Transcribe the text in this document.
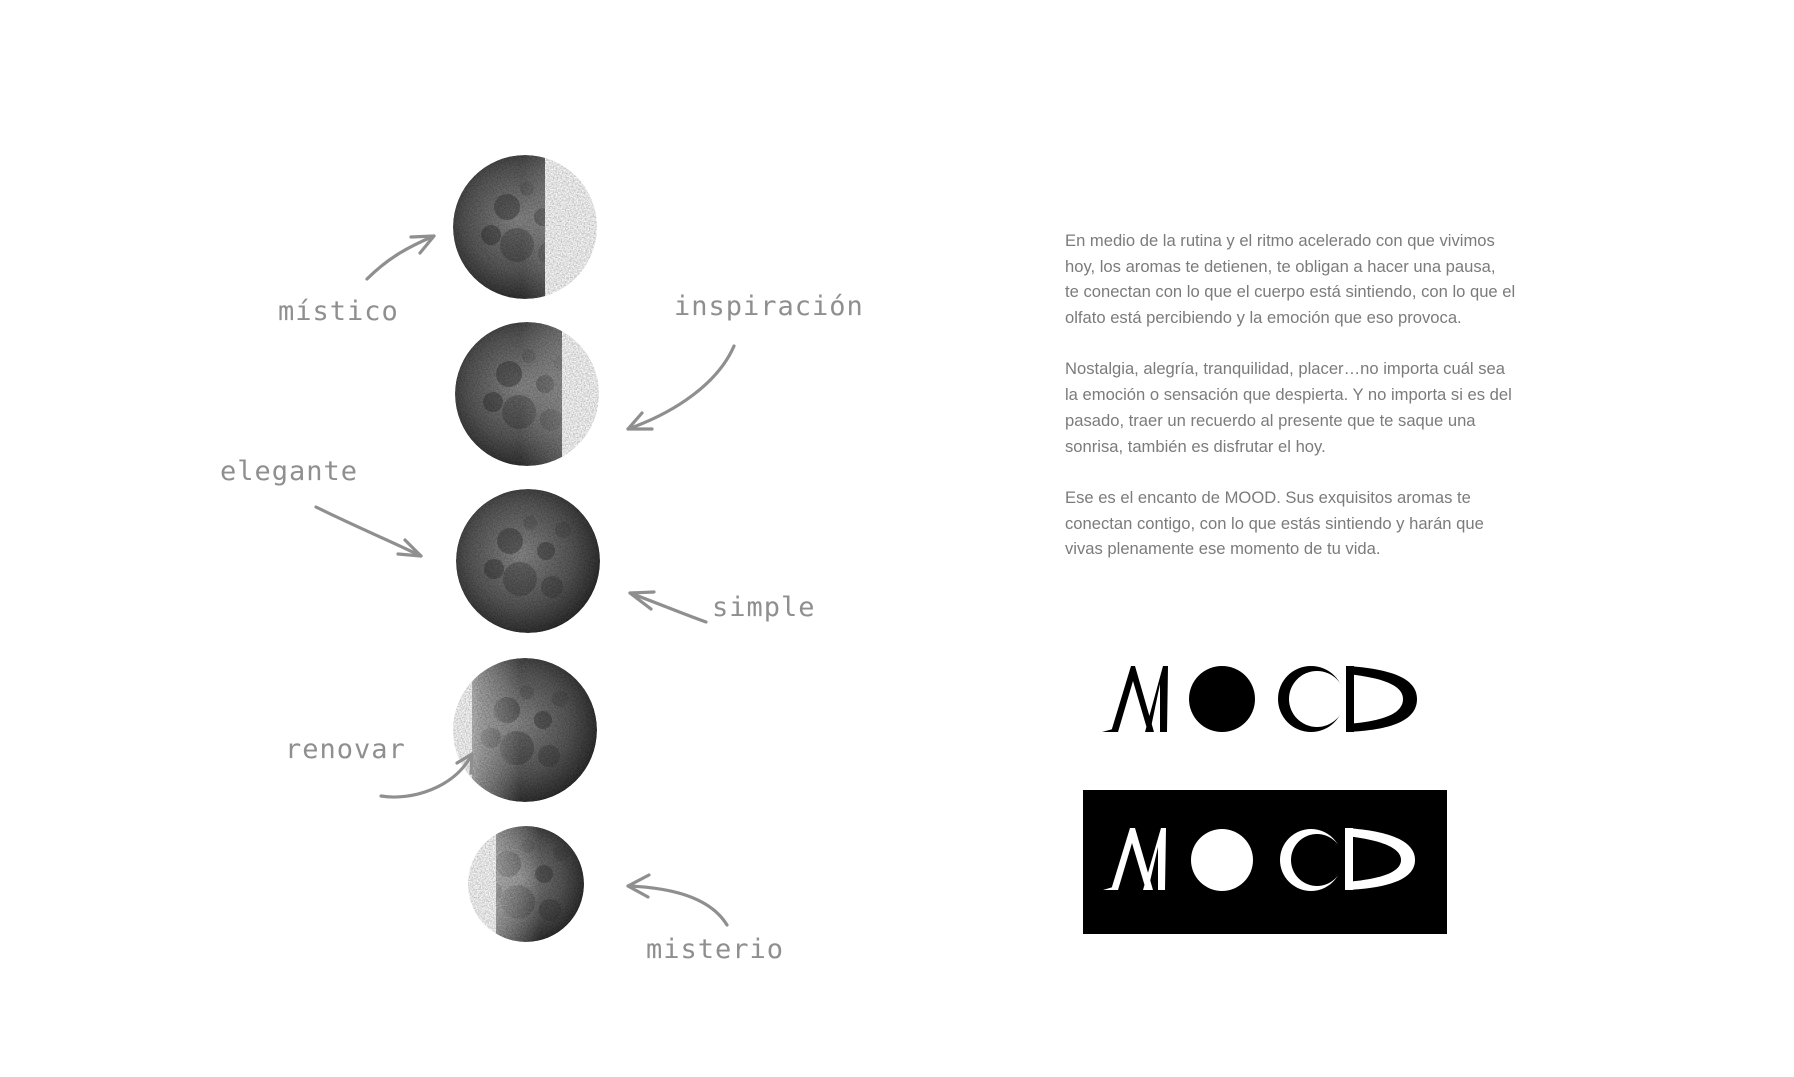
místico	inspiración
elegante
simple
renovar
misterio

En medio de la rutina y el ritmo acelerado con que vivimos
hoy, los aromas te detienen, te obligan a hacer una pausa,
te conectan con lo que el cuerpo está sintiendo, con lo que el
olfato está percibiendo y la emoción que eso provoca.

Nostalgia, alegría, tranquilidad, placer…no importa cuál sea
la emoción o sensación que despierta. Y no importa si es del
pasado, traer un recuerdo al presente que te saque una
sonrisa, también es disfrutar el hoy.

Ese es el encanto de MOOD. Sus exquisitos aromas te
conectan contigo, con lo que estás sintiendo y harán que
vivas plenamente ese momento de tu vida.
